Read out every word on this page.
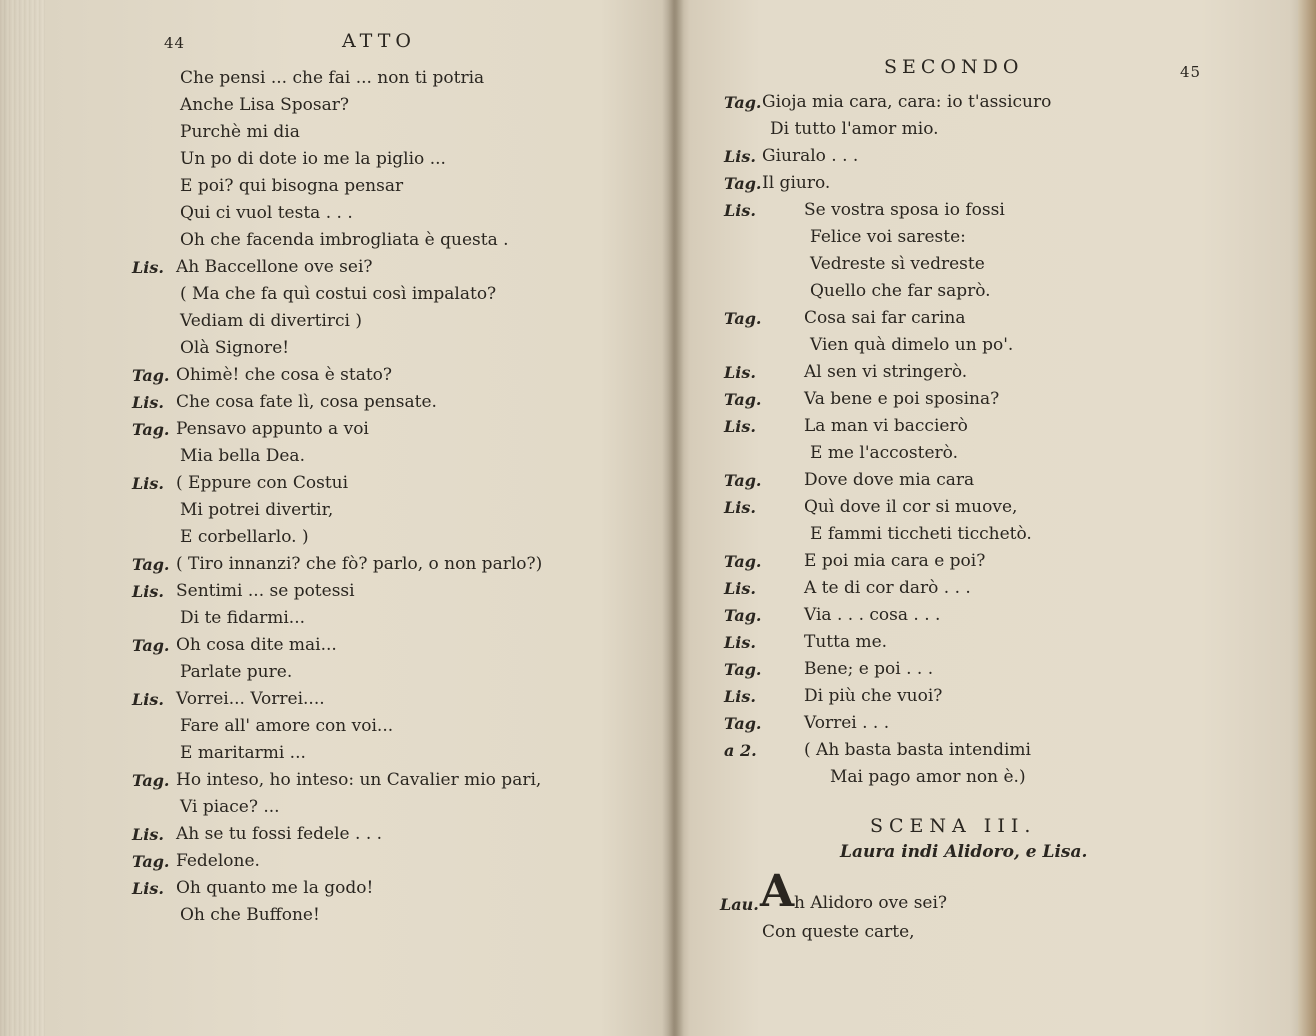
44	ATTO
Che pensi ... che fai ... non ti potria
Anche Lisa Sposar?
Purchè mi dia
Un po di dote io me la piglio ...
E poi? qui bisogna pensar
Qui ci vuol testa . . .
Oh che facenda imbrogliata è questa .
Lis. Ah Baccellone ove sei?
( Ma che fa quì costui così impalato?
Vediam di divertirci )
Olà Signore!
Tag. Ohimè! che cosa è stato?
Lis. Che cosa fate lì, cosa pensate.
Tag. Pensavo appunto a voi
Mia bella Dea.
Lis. ( Eppure con Costui
Mi potrei divertir,
E corbellarlo. )
Tag. ( Tiro innanzi? che fò? parlo, o non parlo?)
Lis. Sentimi ... se potessi
Di te fidarmi...
Tag. Oh cosa dite mai...
Parlate pure.
Lis. Vorrei... Vorrei....
Fare all' amore con voi...
E maritarmi ...
Tag. Ho inteso, ho inteso: un Cavalier mio pari,
Vi piace? ...
Lis. Ah se tu fossi fedele . . .
Tag. Fedelone.
Lis. Oh quanto me la godo!
Oh che Buffone!
SECONDO	45
Tag. Gioja mia cara, cara: io t'assicuro
Di tutto l'amor mio.
Lis. Giuralo . . .
Tag. Il giuro.
Lis.	Se vostra sposa io fossi
Felice voi sareste:
Vedreste sì vedreste
Quello che far saprò.
Tag.	Cosa sai far carina
Vien quà dimelo un po'.
Lis.	Al sen vi stringerò.
Tag.	Va bene e poi sposina?
Lis.	La man vi baccierò
E me l'accosterò.
Tag.	Dove dove mia cara
Lis.	Quì dove il cor si muove,
E fammi ticcheti ticchetò.
Tag.	E poi mia cara e poi?
Lis.	A te di cor darò . . .
Tag.	Via . . . cosa . . .
Lis.	Tutta me.
Tag.	Bene; e poi . . .
Lis.	Di più che vuoi?
Tag.	Vorrei . . .
a 2.	( Ah basta basta intendimi
Mai pago amor non è.)
SCENA III.
Laura indi Alidoro, e Lisa.
Lau. A h Alidoro ove sei?
Con queste carte,
